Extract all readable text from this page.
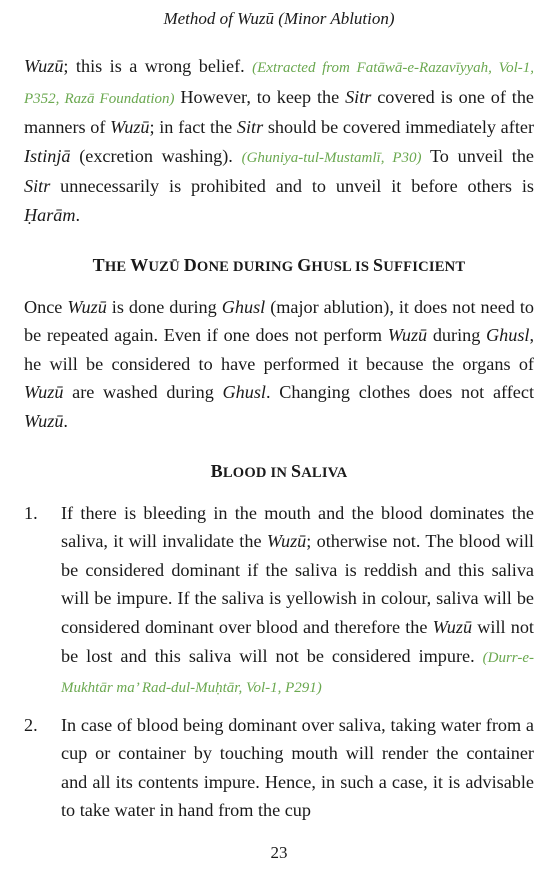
Method of Wuzū (Minor Ablution)

Wuzū; this is a wrong belief. (Extracted from Fatāwā-e-Razavīyyah, Vol-1, P352, Razā Foundation) However, to keep the Sitr covered is one of the manners of Wuzū; in fact the Sitr should be covered immediately after Istinjā (excretion washing). (Ghuniya-tul-Mustamlī, P30) To unveil the Sitr unnecessarily is prohibited and to unveil it before others is Ḥarām.

THE WUZŪ DONE DURING GHUSL IS SUFFICIENT

Once Wuzū is done during Ghusl (major ablution), it does not need to be repeated again. Even if one does not perform Wuzū during Ghusl, he will be considered to have performed it because the organs of Wuzū are washed during Ghusl. Changing clothes does not affect Wuzū.

BLOOD IN SALIVA
1. If there is bleeding in the mouth and the blood dominates the saliva, it will invalidate the Wuzū; otherwise not. The blood will be considered dominant if the saliva is reddish and this saliva will be impure. If the saliva is yellowish in colour, saliva will be considered dominant over blood and therefore the Wuzū will not be lost and this saliva will not be considered impure. (Durr-e-Mukhtār ma’ Rad-dul-Muḥtār, Vol-1, P291)

2. In case of blood being dominant over saliva, taking water from a cup or container by touching mouth will render the container and all its contents impure. Hence, in such a case, it is advisable to take water in hand from the cup

23
